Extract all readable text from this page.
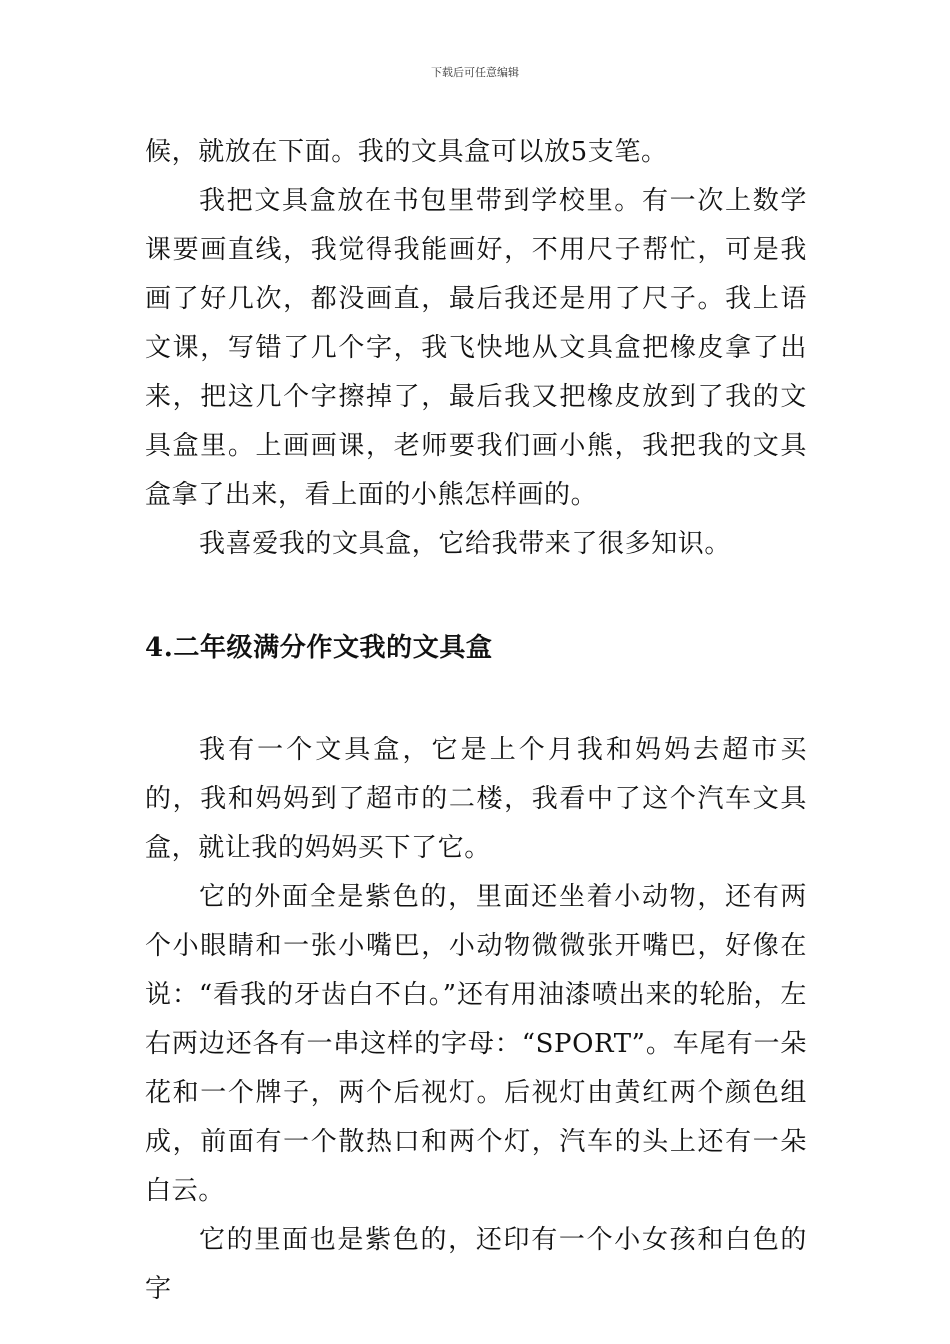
下载后可任意编辑

候，就放在下面。我的文具盒可以放5支笔。

我把文具盒放在书包里带到学校里。有一次上数学课要画直线，我觉得我能画好，不用尺子帮忙，可是我画了好几次，都没画直，最后我还是用了尺子。我上语文课，写错了几个字，我飞快地从文具盒把橡皮拿了出来，把这几个字擦掉了，最后我又把橡皮放到了我的文具盒里。上画画课，老师要我们画小熊，我把我的文具盒拿了出来，看上面的小熊怎样画的。

我喜爱我的文具盒，它给我带来了很多知识。

4.二年级满分作文我的文具盒

我有一个文具盒，它是上个月我和妈妈去超市买的，我和妈妈到了超市的二楼，我看中了这个汽车文具盒，就让我的妈妈买下了它。

它的外面全是紫色的，里面还坐着小动物，还有两个小眼睛和一张小嘴巴，小动物微微张开嘴巴，好像在说：“看我的牙齿白不白。”还有用油漆喷出来的轮胎，左右两边还各有一串这样的字母：“SPORT”。车尾有一朵花和一个牌子，两个后视灯。后视灯由黄红两个颜色组成，前面有一个散热口和两个灯，汽车的头上还有一朵白云。

它的里面也是紫色的，还印有一个小女孩和白色的字
